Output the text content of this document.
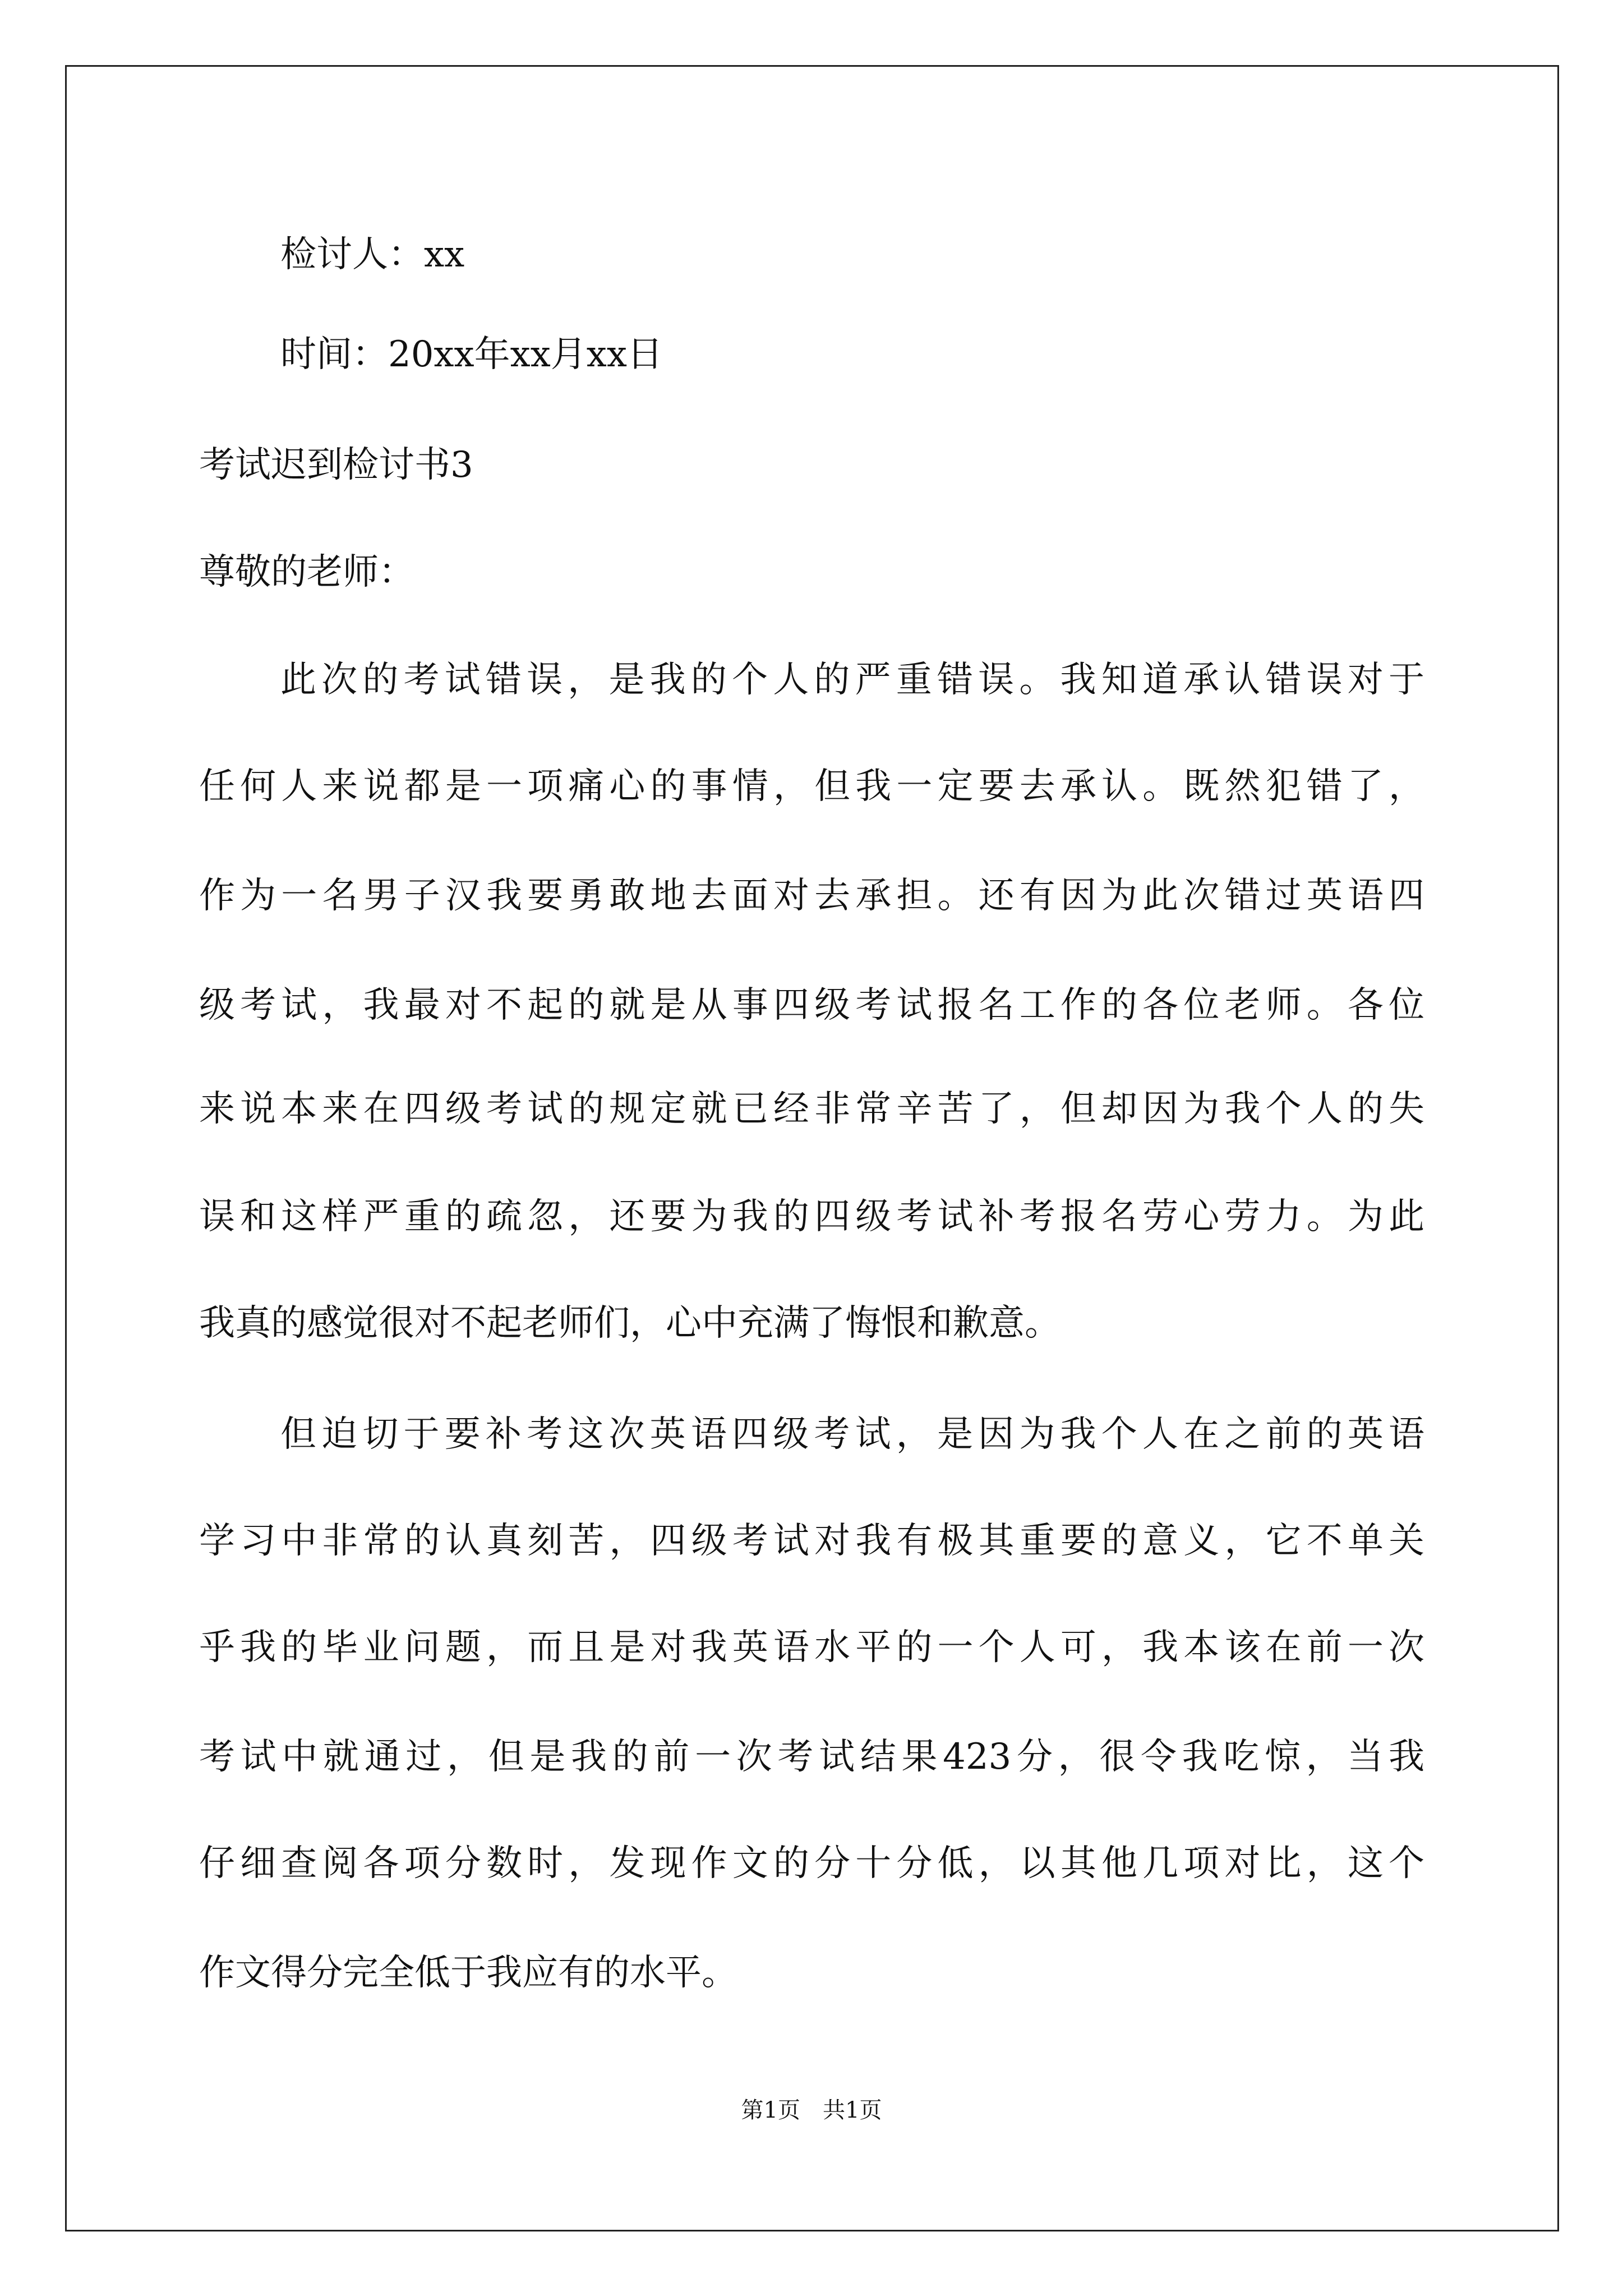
检讨人：xx
时间：20xx年xx月xx日
考试迟到检讨书3
尊敬的老师：
此次的考试错误，是我的个人的严重错误。我知道承认错误对于
任何人来说都是一项痛心的事情，但我一定要去承认。既然犯错了，
作为一名男子汉我要勇敢地去面对去承担。还有因为此次错过英语四
级考试，我最对不起的就是从事四级考试报名工作的各位老师。各位
来说本来在四级考试的规定就已经非常辛苦了，但却因为我个人的失
误和这样严重的疏忽，还要为我的四级考试补考报名劳心劳力。为此
我真的感觉很对不起老师们，心中充满了悔恨和歉意。
但迫切于要补考这次英语四级考试，是因为我个人在之前的英语
学习中非常的认真刻苦，四级考试对我有极其重要的意义，它不单关
乎我的毕业问题，而且是对我英语水平的一个人可，我本该在前一次
考试中就通过，但是我的前一次考试结果423分，很令我吃惊，当我
仔细查阅各项分数时，发现作文的分十分低，以其他几项对比，这个
作文得分完全低于我应有的水平。
第1页　共1页
